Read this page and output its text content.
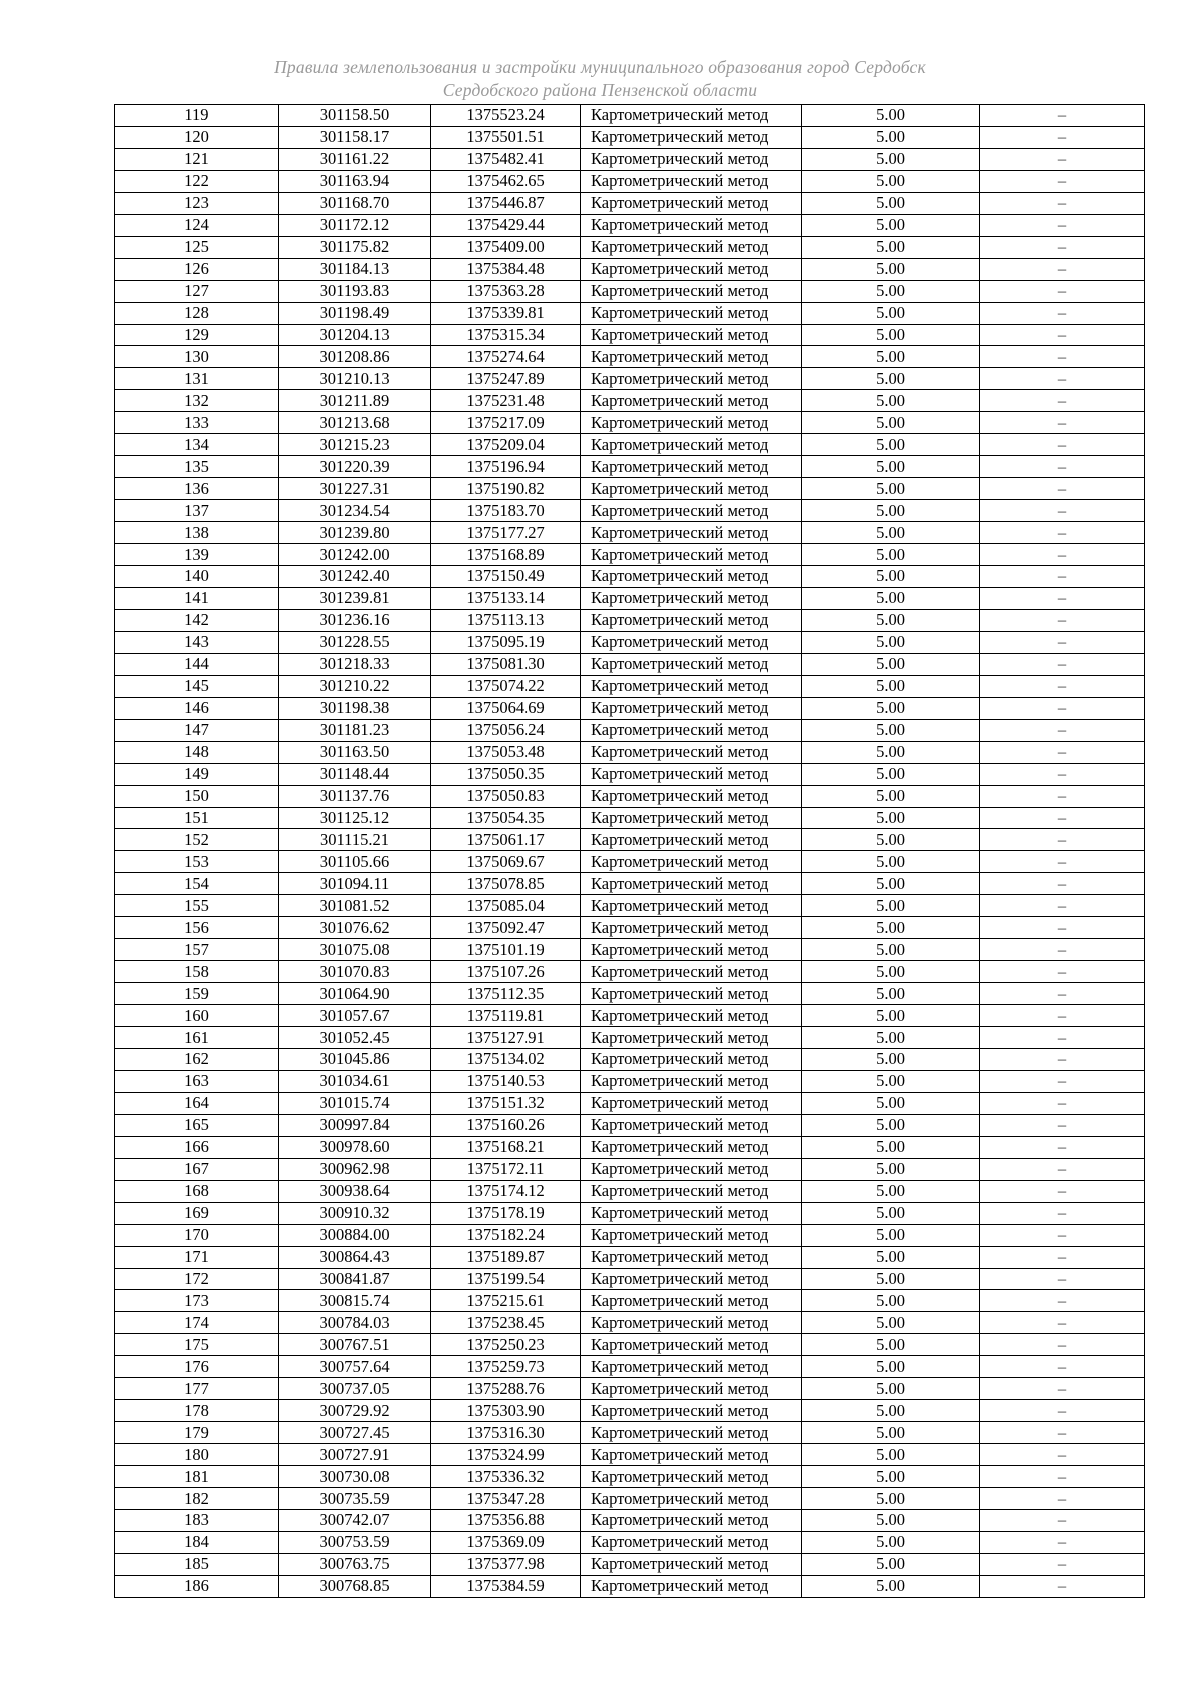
Правила землепользования и застройки муниципального образования город Сердобск
Сердобского района Пензенской области
119	301158.50	1375523.24	Картометрический метод	5.00	–
120	301158.17	1375501.51	Картометрический метод	5.00	–
121	301161.22	1375482.41	Картометрический метод	5.00	–
122	301163.94	1375462.65	Картометрический метод	5.00	–
123	301168.70	1375446.87	Картометрический метод	5.00	–
124	301172.12	1375429.44	Картометрический метод	5.00	–
125	301175.82	1375409.00	Картометрический метод	5.00	–
126	301184.13	1375384.48	Картометрический метод	5.00	–
127	301193.83	1375363.28	Картометрический метод	5.00	–
128	301198.49	1375339.81	Картометрический метод	5.00	–
129	301204.13	1375315.34	Картометрический метод	5.00	–
130	301208.86	1375274.64	Картометрический метод	5.00	–
131	301210.13	1375247.89	Картометрический метод	5.00	–
132	301211.89	1375231.48	Картометрический метод	5.00	–
133	301213.68	1375217.09	Картометрический метод	5.00	–
134	301215.23	1375209.04	Картометрический метод	5.00	–
135	301220.39	1375196.94	Картометрический метод	5.00	–
136	301227.31	1375190.82	Картометрический метод	5.00	–
137	301234.54	1375183.70	Картометрический метод	5.00	–
138	301239.80	1375177.27	Картометрический метод	5.00	–
139	301242.00	1375168.89	Картометрический метод	5.00	–
140	301242.40	1375150.49	Картометрический метод	5.00	–
141	301239.81	1375133.14	Картометрический метод	5.00	–
142	301236.16	1375113.13	Картометрический метод	5.00	–
143	301228.55	1375095.19	Картометрический метод	5.00	–
144	301218.33	1375081.30	Картометрический метод	5.00	–
145	301210.22	1375074.22	Картометрический метод	5.00	–
146	301198.38	1375064.69	Картометрический метод	5.00	–
147	301181.23	1375056.24	Картометрический метод	5.00	–
148	301163.50	1375053.48	Картометрический метод	5.00	–
149	301148.44	1375050.35	Картометрический метод	5.00	–
150	301137.76	1375050.83	Картометрический метод	5.00	–
151	301125.12	1375054.35	Картометрический метод	5.00	–
152	301115.21	1375061.17	Картометрический метод	5.00	–
153	301105.66	1375069.67	Картометрический метод	5.00	–
154	301094.11	1375078.85	Картометрический метод	5.00	–
155	301081.52	1375085.04	Картометрический метод	5.00	–
156	301076.62	1375092.47	Картометрический метод	5.00	–
157	301075.08	1375101.19	Картометрический метод	5.00	–
158	301070.83	1375107.26	Картометрический метод	5.00	–
159	301064.90	1375112.35	Картометрический метод	5.00	–
160	301057.67	1375119.81	Картометрический метод	5.00	–
161	301052.45	1375127.91	Картометрический метод	5.00	–
162	301045.86	1375134.02	Картометрический метод	5.00	–
163	301034.61	1375140.53	Картометрический метод	5.00	–
164	301015.74	1375151.32	Картометрический метод	5.00	–
165	300997.84	1375160.26	Картометрический метод	5.00	–
166	300978.60	1375168.21	Картометрический метод	5.00	–
167	300962.98	1375172.11	Картометрический метод	5.00	–
168	300938.64	1375174.12	Картометрический метод	5.00	–
169	300910.32	1375178.19	Картометрический метод	5.00	–
170	300884.00	1375182.24	Картометрический метод	5.00	–
171	300864.43	1375189.87	Картометрический метод	5.00	–
172	300841.87	1375199.54	Картометрический метод	5.00	–
173	300815.74	1375215.61	Картометрический метод	5.00	–
174	300784.03	1375238.45	Картометрический метод	5.00	–
175	300767.51	1375250.23	Картометрический метод	5.00	–
176	300757.64	1375259.73	Картометрический метод	5.00	–
177	300737.05	1375288.76	Картометрический метод	5.00	–
178	300729.92	1375303.90	Картометрический метод	5.00	–
179	300727.45	1375316.30	Картометрический метод	5.00	–
180	300727.91	1375324.99	Картометрический метод	5.00	–
181	300730.08	1375336.32	Картометрический метод	5.00	–
182	300735.59	1375347.28	Картометрический метод	5.00	–
183	300742.07	1375356.88	Картометрический метод	5.00	–
184	300753.59	1375369.09	Картометрический метод	5.00	–
185	300763.75	1375377.98	Картометрический метод	5.00	–
186	300768.85	1375384.59	Картометрический метод	5.00	–
